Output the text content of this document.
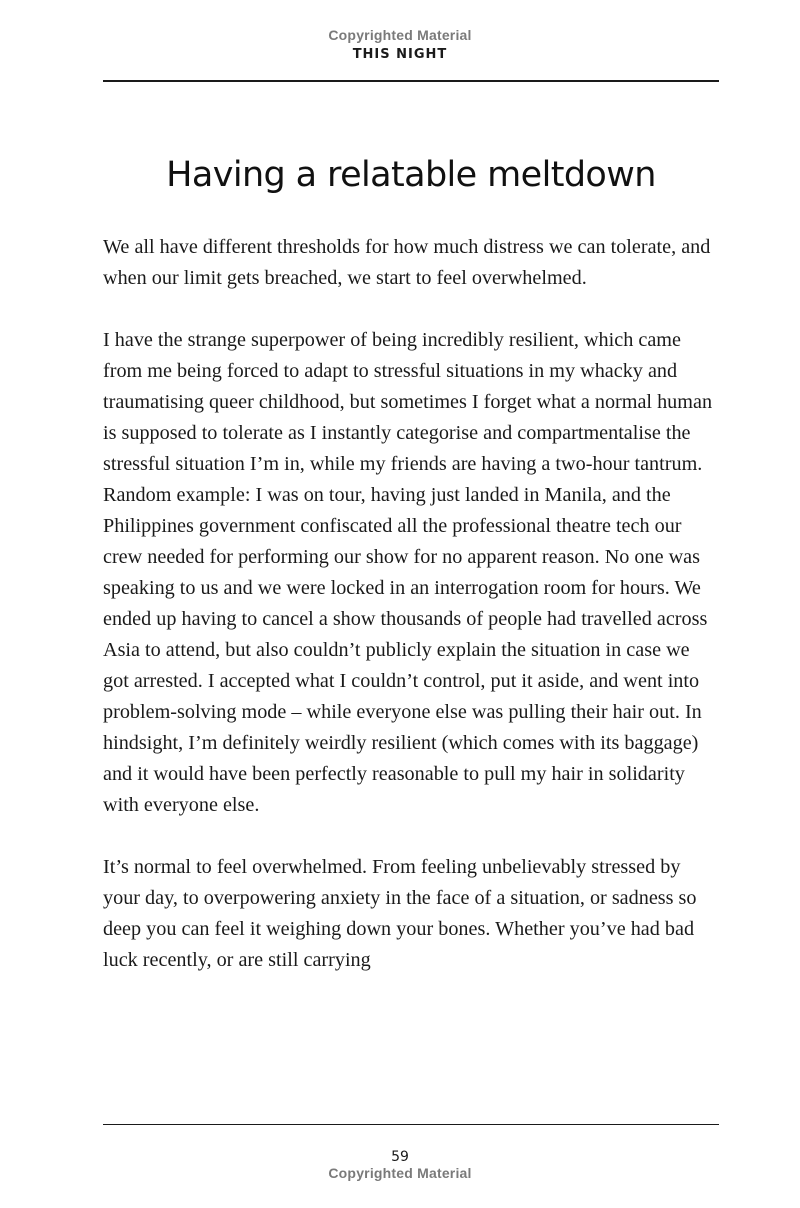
Copyrighted Material
THIS NIGHT
Having a relatable meltdown

We all have different thresholds for how much distress we can tolerate, and when our limit gets breached, we start to feel overwhelmed.

I have the strange superpower of being incredibly resilient, which came from me being forced to adapt to stressful situations in my whacky and traumatising queer childhood, but sometimes I forget what a normal human is supposed to tolerate as I instantly categorise and compartmentalise the stressful situation I’m in, while my friends are having a two-hour tantrum. Random example: I was on tour, having just landed in Manila, and the Philippines government confiscated all the professional theatre tech our crew needed for performing our show for no apparent reason. No one was speaking to us and we were locked in an interrogation room for hours. We ended up having to cancel a show thousands of people had travelled across Asia to attend, but also couldn’t publicly explain the situation in case we got arrested. I accepted what I couldn’t control, put it aside, and went into problem-solving mode – while everyone else was pulling their hair out. In hindsight, I’m definitely weirdly resilient (which comes with its baggage) and it would have been perfectly reasonable to pull my hair in solidarity with everyone else.

It’s normal to feel overwhelmed. From feeling unbelievably stressed by your day, to overpowering anxiety in the face of a situation, or sadness so deep you can feel it weighing down your bones. Whether you’ve had bad luck recently, or are still carrying

59
Copyrighted Material
